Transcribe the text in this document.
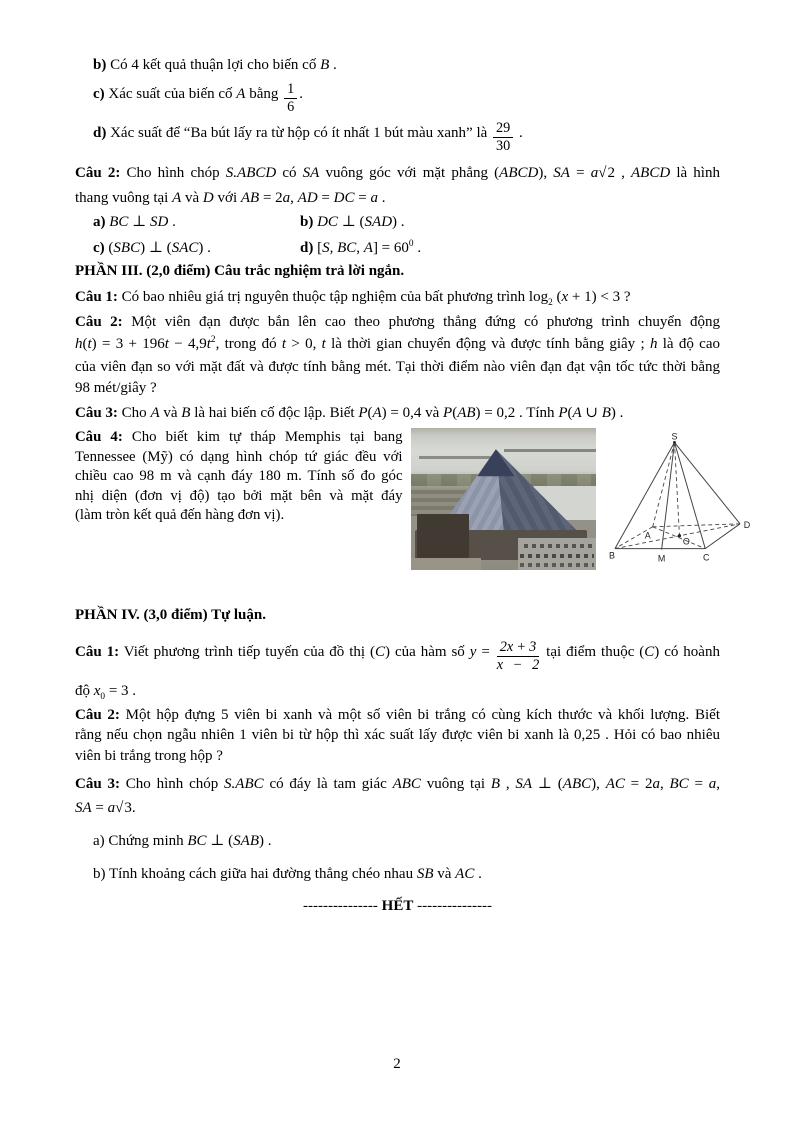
b) Có 4 kết quả thuận lợi cho biến cố B .
c) Xác suất của biến cố A bằng $\frac{1}{6}$ .
d) Xác suất để “Ba bút lấy ra từ hộp có ít nhất 1 bút màu xanh” là $\frac{29}{30}$ .
Câu 2: Cho hình chóp S.ABCD có SA vuông góc với mặt phẳng (ABCD), SA = a√2 , ABCD là hình
thang vuông tại A và D với AB = 2a, AD = DC = a .
a) BC ⊥ SD .	b) DC ⊥ (SAD) .
c) (SBC) ⊥ (SAC) .	d) [S, BC, $A] = 60^0$ .
PHẦN III. (2,0 điểm) Câu trắc nghiệm trả lời ngắn.
Câu 1: Có bao nhiêu giá trị nguyên thuộc tập nghiệm của bất phương trình $\log_2 (x + 1) < 3$ ?
Câu 2: Một viên đạn được bắn lên cao theo phương thẳng đứng có phương trình chuyển động
$h(t) = 3 + 196t - 4,9t^2$, trong đó t > 0, t là thời gian chuyển động và được tính bằng giây ; h là độ cao
của viên đạn so với mặt đất và được tính bằng mét. Tại thời điểm nào viên đạn đạt vận tốc tức thời bằng
98 mét/giây ?
Câu 3: Cho A và B là hai biến cố độc lập. Biết P(A) = 0,4 và P(AB) = 0,2 . Tính P(A ∪ B) .
Câu 4: Cho biết kim tự tháp Memphis tại bang
Tennessee (Mỹ) có dạng hình chóp tứ giác đều với
chiều cao 98 m và cạnh đáy 180 m. Tính số đo góc
nhị diện (đơn vị độ) tạo bởi mặt bên và mặt đáy
(làm tròn kết quả đến hàng đơn vị).
S
A
B	M	C
D
O
PHẦN IV. (3,0 điểm) Tự luận.
Câu 1: Viết phương trình tiếp tuyến của đồ thị (C) của hàm số $y = \frac{2x + 3}{x - 2}$ tại điểm thuộc (C) có hoành
độ $x_0 = 3$ .
Câu 2: Một hộp đựng 5 viên bi xanh và một số viên bi trắng có cùng kích thước và khối lượng. Biết
rằng nếu chọn ngẫu nhiên 1 viên bi từ hộp thì xác suất lấy được viên bi xanh là 0,25 . Hỏi có bao nhiêu
viên bi trắng trong hộp ?
Câu 3: Cho hình chóp S.ABC có đáy là tam giác ABC vuông tại B , SA ⊥ (ABC), AC = 2a, BC = a,
SA = a√3.
a) Chứng minh BC ⊥ (SAB) .
b) Tính khoảng cách giữa hai đường thẳng chéo nhau SB và AC .
--------------- HẾT ---------------
2
